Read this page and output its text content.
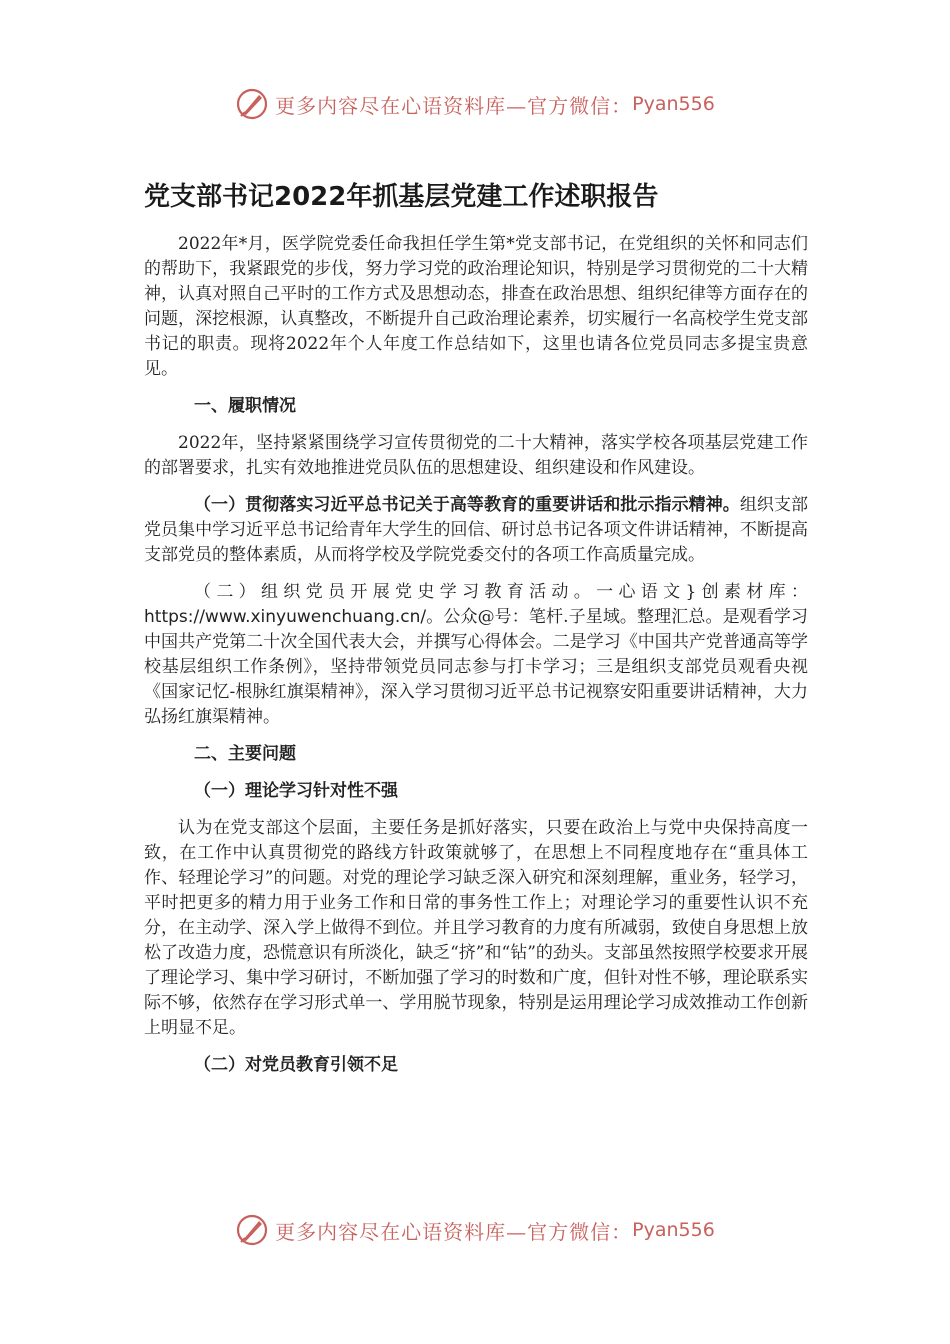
更多内容尽在心语资料库—官方微信： Pyan556
党支部书记2022年抓基层党建工作述职报告

2022年*月，医学院党委任命我担任学生第*党支部书记，在党组织的关怀和同志们的帮助下，我紧跟党的步伐，努力学习党的政治理论知识，特别是学习贯彻党的二十大精神，认真对照自己平时的工作方式及思想动态，排查在政治思想、组织纪律等方面存在的问题，深挖根源，认真整改，不断提升自己政治理论素养，切实履行一名高校学生党支部书记的职责。现将2022年个人年度工作总结如下，这里也请各位党员同志多提宝贵意见。

一、履职情况

2022年，坚持紧紧围绕学习宣传贯彻党的二十大精神，落实学校各项基层党建工作的部署要求，扎实有效地推进党员队伍的思想建设、组织建设和作风建设。

（一）贯彻落实习近平总书记关于高等教育的重要讲话和批示指示精神。组织支部党员集中学习近平总书记给青年大学生的回信、研讨总书记各项文件讲话精神，不断提高支部党员的整体素质，从而将学校及学院党委交付的各项工作高质量完成。

（二）组织党员开展党史学习教育活动。一心语文}创素材库：https://www.xinyuwenchuang.cn/。公众@号：笔杆.子星域。整理汇总。是观看学习中国共产党第二十次全国代表大会，并撰写心得体会。二是学习《中国共产党普通高等学校基层组织工作条例》，坚持带领党员同志参与打卡学习；三是组织支部党员观看央视《国家记忆-根脉红旗渠精神》，深入学习贯彻习近平总书记视察安阳重要讲话精神，大力弘扬红旗渠精神。

二、主要问题
（一）理论学习针对性不强

认为在党支部这个层面，主要任务是抓好落实，只要在政治上与党中央保持高度一致，在工作中认真贯彻党的路线方针政策就够了，在思想上不同程度地存在“重具体工作、轻理论学习”的问题。对党的理论学习缺乏深入研究和深刻理解，重业务，轻学习，平时把更多的精力用于业务工作和日常的事务性工作上；对理论学习的重要性认识不充分，在主动学、深入学上做得不到位。并且学习教育的力度有所减弱，致使自身思想上放松了改造力度，恐慌意识有所淡化，缺乏“挤”和“钻”的劲头。支部虽然按照学校要求开展了理论学习、集中学习研讨，不断加强了学习的时数和广度，但针对性不够，理论联系实际不够，依然存在学习形式单一、学用脱节现象，特别是运用理论学习成效推动工作创新上明显不足。

（二）对党员教育引领不足
更多内容尽在心语资料库—官方微信： Pyan556
